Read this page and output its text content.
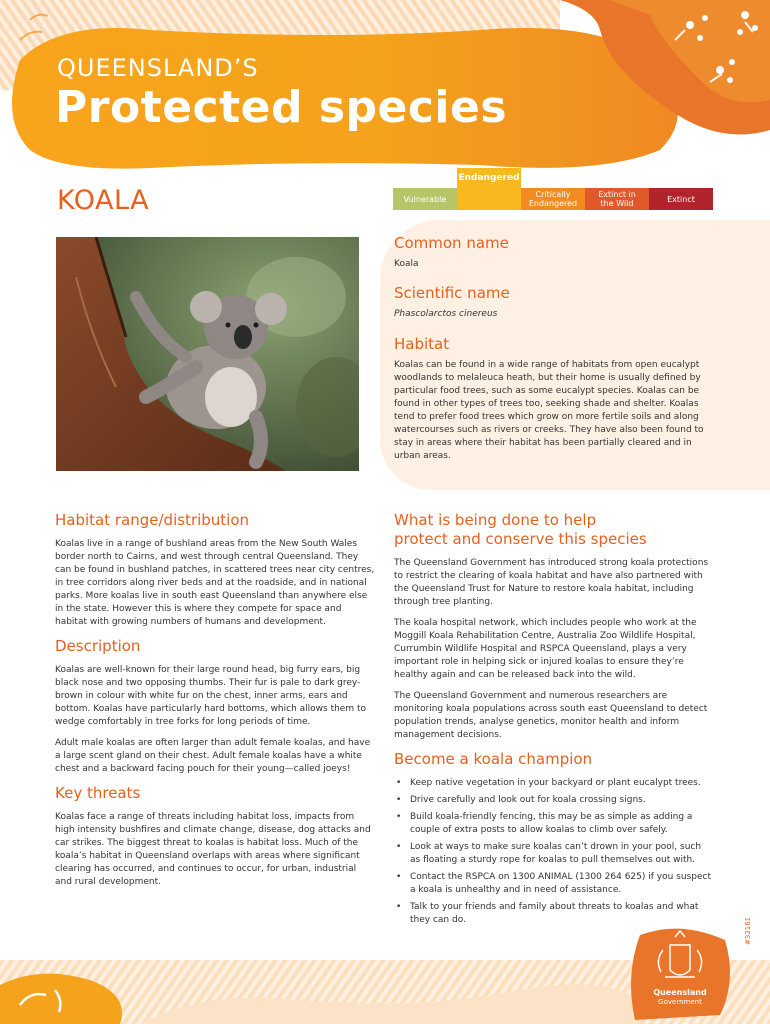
QUEENSLAND’S
Protected species
KOALA
Endangered
Vulnerable	Critically
Endangered
Extinct in
the Wild	Extinct
Common name
Koala
Scientific name
Phascolarctos cinereus
Habitat
Koalas can be found in a wide range of habitats from open eucalypt woodlands to melaleuca heath, but their home is usually defined by particular food trees, such as some eucalypt species. Koalas can be found in other types of trees too, seeking shade and shelter. Koalas tend to prefer food trees which grow on more fertile soils and along watercourses such as rivers or creeks. They have also been found to stay in areas where their habitat has been partially cleared and in urban areas.
Habitat range/distribution

Koalas live in a range of bushland areas from the New South Wales border north to Cairns, and west through central Queensland. They can be found in bushland patches, in scattered trees near city centres, in tree corridors along river beds and at the roadside, and in national parks. More koalas live in south east Queensland than anywhere else in the state. However this is where they compete for space and habitat with growing numbers of humans and development.

Description

Koalas are well-known for their large round head, big furry ears, big black nose and two opposing thumbs. Their fur is pale to dark grey-brown in colour with white fur on the chest, inner arms, ears and bottom. Koalas have particularly hard bottoms, which allows them to wedge comfortably in tree forks for long periods of time.

Adult male koalas are often larger than adult female koalas, and have a large scent gland on their chest. Adult female koalas have a white chest and a backward facing pouch for their young—called joeys!

Key threats

Koalas face a range of threats including habitat loss, impacts from high intensity bushfires and climate change, disease, dog attacks and car strikes. The biggest threat to koalas is habitat loss. Much of the koala’s habitat in Queensland overlaps with areas where significant clearing has occurred, and continues to occur, for urban, industrial and rural development.

What is being done to help protect and conserve this species

The Queensland Government has introduced strong koala protections to restrict the clearing of koala habitat and have also partnered with the Queensland Trust for Nature to restore koala habitat, including through tree planting.

The koala hospital network, which includes people who work at the Moggill Koala Rehabilitation Centre, Australia Zoo Wildlife Hospital, Currumbin Wildlife Hospital and RSPCA Queensland, plays a very important role in helping sick or injured koalas to ensure they’re healthy again and can be released back into the wild.

The Queensland Government and numerous researchers are monitoring koala populations across south east Queensland to detect population trends, analyse genetics, monitor health and inform management decisions.

Become a koala champion
• Keep native vegetation in your backyard or plant eucalypt trees.
• Drive carefully and look out for koala crossing signs.
• Build koala-friendly fencing, this may be as simple as adding a couple of extra posts to allow koalas to climb over safely.
• Look at ways to make sure koalas can’t drown in your pool, such as floating a sturdy rope for koalas to pull themselves out with.
• Contact the RSPCA on 1300 ANIMAL (1300 264 625) if you suspect a koala is unhealthy and in need of assistance.
• Talk to your friends and family about threats to koalas and what they can do.	#32161
Queensland
Government
